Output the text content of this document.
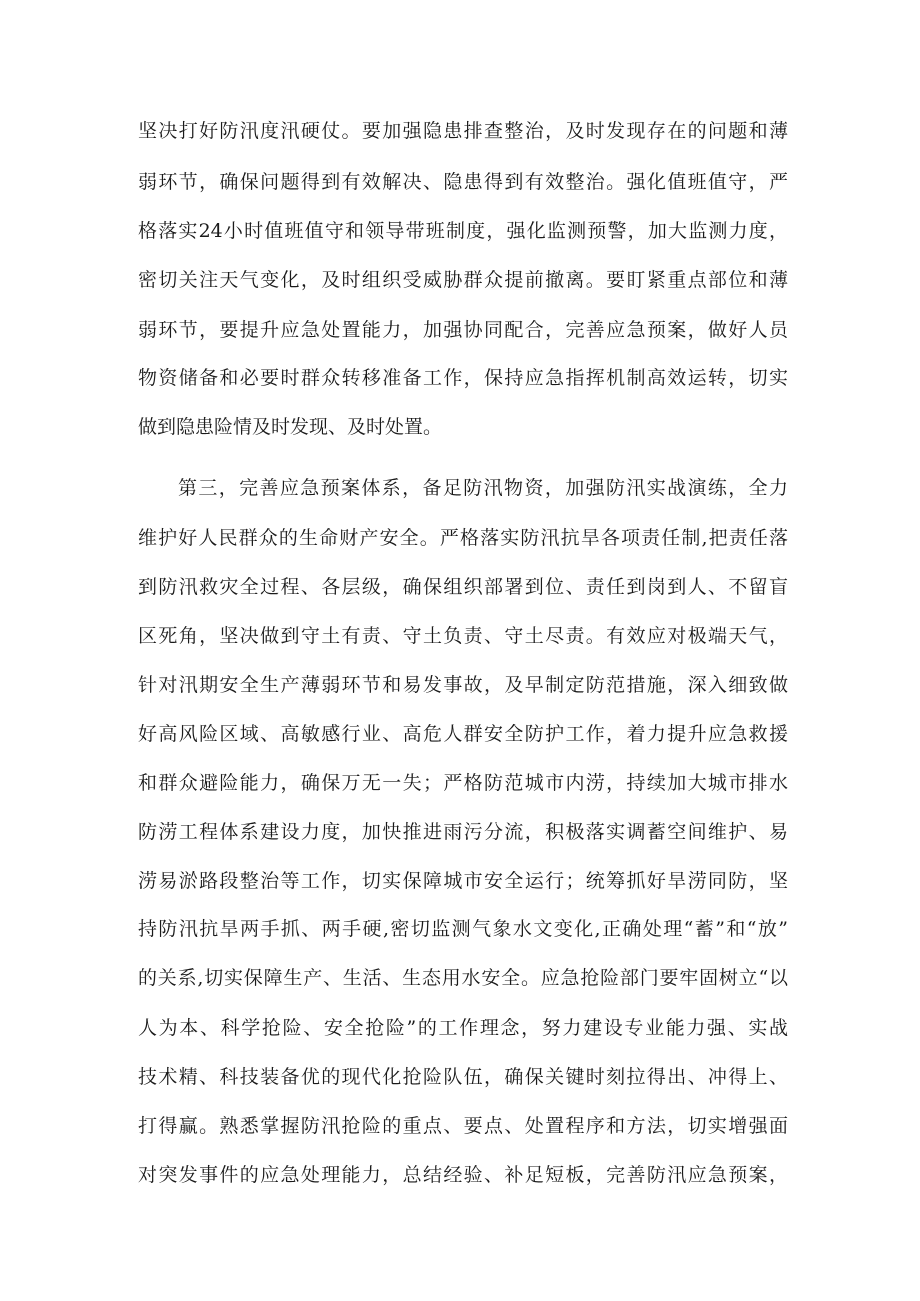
坚决打好防汛度汛硬仗。要加强隐患排查整治，及时发现存在的问题和薄
弱环节，确保问题得到有效解决、隐患得到有效整治。强化值班值守，严
格落实24小时值班值守和领导带班制度，强化监测预警，加大监测力度，
密切关注天气变化，及时组织受威胁群众提前撤离。要盯紧重点部位和薄
弱环节，要提升应急处置能力，加强协同配合，完善应急预案，做好人员
物资储备和必要时群众转移准备工作，保持应急指挥机制高效运转，切实
做到隐患险情及时发现、及时处置。
第三，完善应急预案体系，备足防汛物资，加强防汛实战演练，全力
维护好人民群众的生命财产安全。严格落实防汛抗旱各项责任制,把责任落
到防汛救灾全过程、各层级，确保组织部署到位、责任到岗到人、不留盲
区死角，坚决做到守土有责、守土负责、守土尽责。有效应对极端天气，
针对汛期安全生产薄弱环节和易发事故，及早制定防范措施，深入细致做
好高风险区域、高敏感行业、高危人群安全防护工作，着力提升应急救援
和群众避险能力，确保万无一失；严格防范城市内涝，持续加大城市排水
防涝工程体系建设力度，加快推进雨污分流，积极落实调蓄空间维护、易
涝易淤路段整治等工作，切实保障城市安全运行；统筹抓好旱涝同防，坚
持防汛抗旱两手抓、两手硬,密切监测气象水文变化,正确处理“蓄”和“放”
的关系,切实保障生产、生活、生态用水安全。应急抢险部门要牢固树立“以
人为本、科学抢险、安全抢险”的工作理念，努力建设专业能力强、实战
技术精、科技装备优的现代化抢险队伍，确保关键时刻拉得出、冲得上、
打得赢。熟悉掌握防汛抢险的重点、要点、处置程序和方法，切实增强面
对突发事件的应急处理能力，总结经验、补足短板，完善防汛应急预案，
